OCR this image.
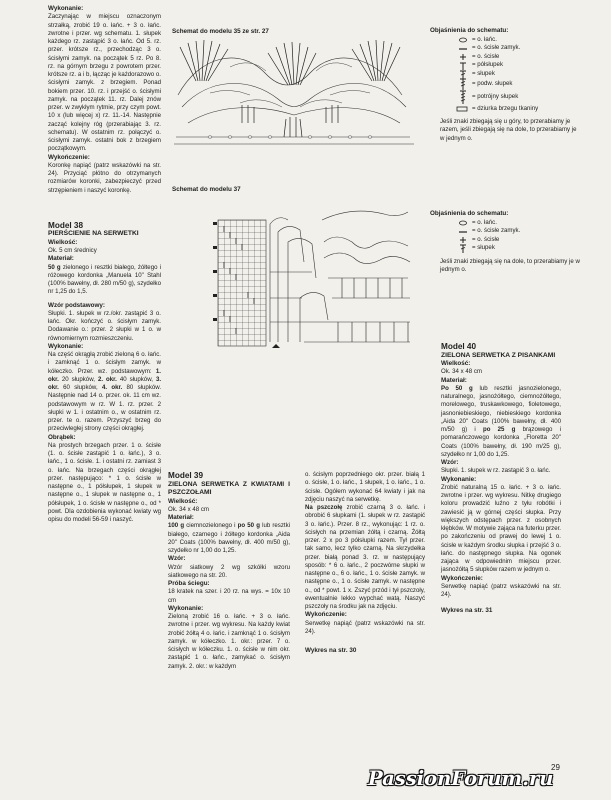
Wykonanie:

Zaczynając w miejscu oznaczonym strzałką, zrobić 19 o. łańc. + 3 o. łańc. zwrotne i przer. wg schematu. 1. słupek każdego rz. zastąpić 3 o. łańc. Od 5. rz. przer. krótsze rz., przechodząc 3 o. ścisłymi zamyk. na początek 5 rz. Po 8. rz. na górnym brzegu z powrotem przer. krótsze rz. a i b, łącząc je każdorazowo o. ścisłymi zamyk. z brzegiem. Ponad bokiem przer. 10. rz. i przejść o. ścisłymi zamyk. na początek 11. rz. Dalej znów przer. w zwykłym rytmie, przy czym powt. 10 x (lub więcej x) rz. 11.-14. Następnie zacząć kolejny róg (przerabiając 3. rz. schematu). W ostatnim rz. połączyć o. ścisłymi zamyk. ostatni bok z brzegiem początkowym.

Wykończenie:

Koronkę napiąć (patrz wskazówki na str. 24). Przyciąć płótno do otrzymanych rozmiarów koronki, zabezpieczyć przed strzępieniem i naszyć koronkę.

Model 38

PIERŚCIENIE NA SERWETKI

Wielkość:

Ok. 5 cm średnicy

Materiał:

50 g zielonego i resztki białego, żółtego i różowego kordonka „Manuela 10" Stahl (100% bawełny, dł. 280 m/50 g), szydełko nr 1,25 do 1,5.

Wzór podstawowy:

Słupki. 1. słupek w rz./okr. zastąpić 3 o. łańc. Okr. kończyć o. ścisłym zamyk. Dodawanie o.: przer. 2 słupki w 1 o. w równomiernym rozmieszczeniu.

Wykonanie:

Na część okrągłą zrobić zieloną 6 o. łańc. i zamknąć 1 o. ścisłym zamyk. w kółeczko. Przer. wz. podstawowym: 1. okr. 20 słupków, 2. okr. 40 słupków, 3. okr. 60 słupków, 4. okr. 80 słupków. Następnie nad 14 o. przer. ok. 11 cm wz. podstawowym w rz. W 1. rz. przer. 2 słupki w 1. i ostatnim o., w ostatnim rz. przer. te o. razem. Przyszyć brzeg do przeciwległej strony części okrągłej.

Obrąbek:

Na prostych brzegach przer. 1 o. ścisłe (1. o. ścisłe zastąpić 1 o. łańc.), 3 o. łańc., 1 o. ścisłe. 1. i ostatni rz. zamiast 3 o. łańc. Na brzegach części okrągłej przer. następująco: * 1 o. ścisłe w następne o., 1 półsłupek, 1 słupek w następne o., 1 słupek w następne o., 1 półsłupek, 1 o. ścisłe w następne o., od * powt. Dla ozdobienia wykonać kwiaty wg opisu do modeli 56-59 i naszyć.

Schemat do modelu 35 ze str. 27	Objaśnienia do schematu:
= o. łańc.
= o. ścisłe zamyk.
= o. ścisłe
= półsłupek
= słupek
= podw. słupek
= potrójny słupek
= dziurka brzegu tkaniny

Jeśli znaki zbiegają się u góry, to przerabiamy je razem, jeśli zbiegają się na dole, to przerabiamy je w jednym o.

Schemat do modelu 37
Objaśnienia do schematu:
= o. łańc.
= o. ścisłe zamyk.
= o. ścisłe
= słupek

Jeśli znaki zbiegają się na dole, to przerabiamy je w jednym o.

Model 39

ZIELONA SERWETKA Z KWIATAMI I PSZCZOŁAMI

Wielkość:

Ok. 34 x 48 cm

Materiał:

100 g ciemnozielonego i po 50 g lub resztki białego, czarnego i żółtego kordonka „Aida 20" Coats (100% bawełny, dł. 400 m/50 g), szydełko nr 1,00 do 1,25.

Wzór:

Wzór siatkowy 2 wg szkółki wzoru siatkowego na str. 20.

Próba ściegu:

18 kratek na szer. i 20 rz. na wys. = 10x 10 cm

Wykonanie:

Zieloną zrobić 16 o. łańc. + 3 o. łańc. zwrotne i przer. wg wykresu. Na każdy kwiat zrobić żółtą 4 o. łańc. i zamknąć 1 o. ścisłym zamyk. w kółeczko. 1. okr.: przer. 7 o. ścisłych w kółeczku. 1. o. ścisłe w nim okr. zastąpić 1 o. łańc., zamykać o. ścisłym zamyk. 2. okr.: w każdym

o. ścisłym poprzedniego okr. przer. białą 1 o. ścisłe, 1 o. łańc., 1 słupek, 1 o. łańc., 1 o. ścisłe. Ogółem wykonać 64 kwiaty i jak na zdjęciu naszyć na serwetkę.

Na pszczołę zrobić czarną 3 o. łańc. i obrobić 6 słupkami (1. słupek w rz. zastąpić 3 o. łańc.). Przer. 8 rz., wykonując: 1 rz. o. ścisłych na przemian żółtą i czarną. Żółtą przer. 2 x po 3 półsłupki razem. Tył przer. tak samo, lecz tylko czarną. Na skrzydełka przer. białą ponad 3. rz. w następujący sposób: * 6 o. łańc., 2 poczwórne słupki w następne o., 6 o. łańc., 1 o. ścisłe zamyk. w następne o., 1 o. ścisłe zamyk. w następne o., od * powt. 1 x. Zszyć przód i tył pszczoły, ewentualnie lekko wypchać watą. Naszyć pszczoły na środku jak na zdjęciu.

Wykończenie:

Serwetkę napiąć (patrz wskazówki na str. 24).

Wykres na str. 30

Model 40

ZIELONA SERWETKA Z PISANKAMI

Wielkość:

Ok. 34 x 48 cm

Materiał:

Po 50 g lub resztki jasnozielonego, naturalnego, jasnożółtego, ciemnożółtego, morelowego, truskawkowego, fioletowego, jasnoniebieskiego, niebieskiego kordonka „Aida 20" Coats (100% bawełny, dł. 400 m/50 g) i po 25 g brązowego i pomarańczowego kordonka „Floretta 20" Coats (100% bawełny, dł. 190 m/25 g), szydełko nr 1,00 do 1,25.

Wzór:

Słupki. 1. słupek w rz. zastąpić 3 o. łańc.

Wykonanie:

Zrobić naturalną 15 o. łańc. + 3 o. łańc. zwrotne i przer. wg wykresu. Nitkę drugiego koloru prowadzić luźno z tyłu robótki i zawiesić ją w górnej części słupka. Przy większych odstępach przer. z osobnych kłębków. W motywie zająca na futerku przer. po zakończeniu od prawej do lewej 1 o. ścisłe w każdym środku słupka i przejść 3 o. łańc. do następnego słupka. Na ogonek zająca w odpowiednim miejscu przer. jasnożółtą 5 słupków razem w jednym o.

Wykończenie:

Serwetkę napiąć (patrz wskazówki na str. 24).

Wykres na str. 31

29
PassionForum.ru
